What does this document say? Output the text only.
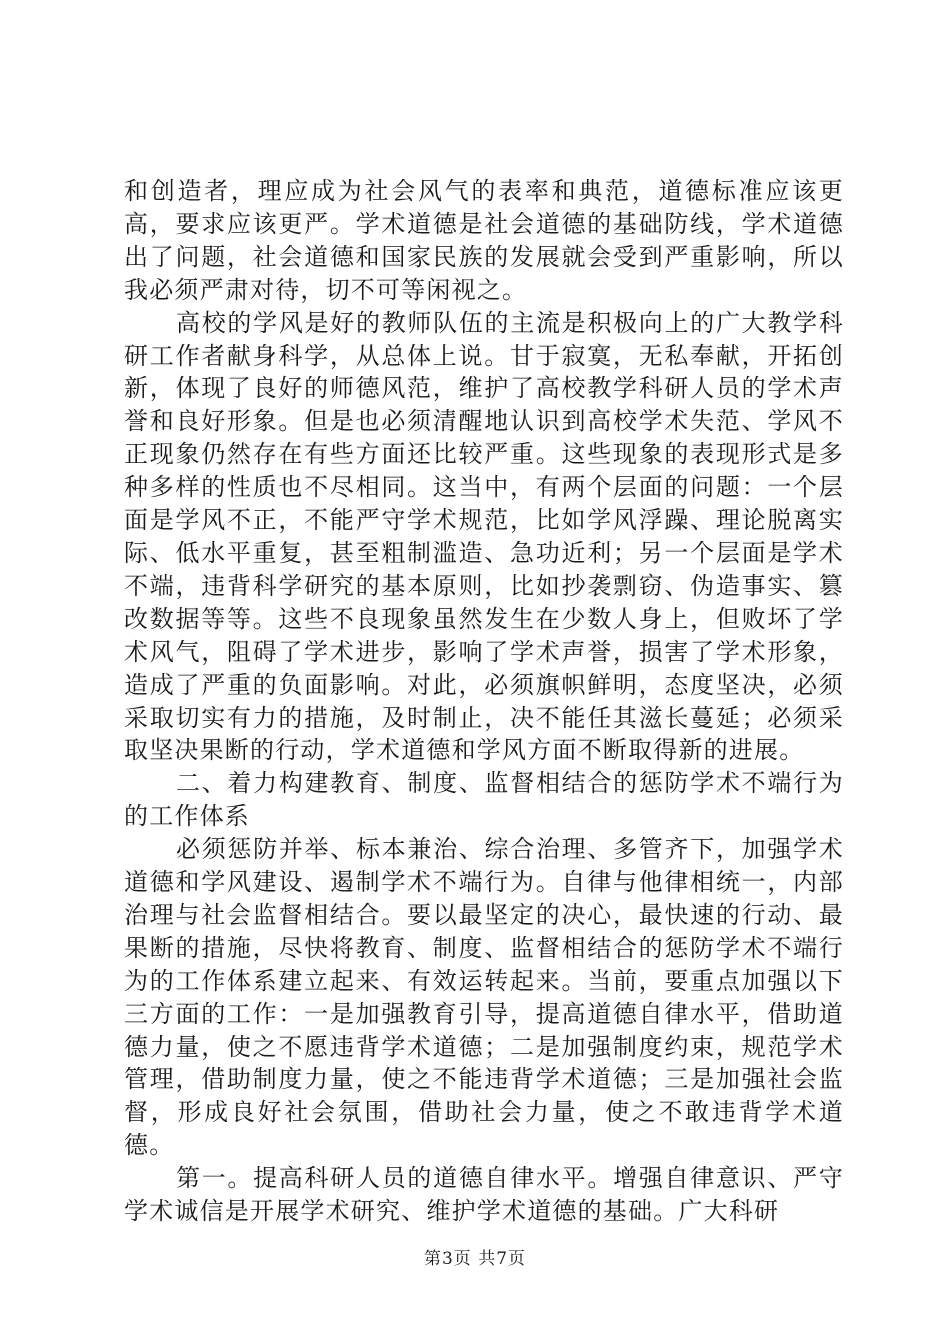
和创造者，理应成为社会风气的表率和典范，道德标准应该更高，要求应该更严。学术道德是社会道德的基础防线，学术道德出了问题，社会道德和国家民族的发展就会受到严重影响，所以我必须严肃对待，切不可等闲视之。

高校的学风是好的教师队伍的主流是积极向上的广大教学科研工作者献身科学，从总体上说。甘于寂寞，无私奉献，开拓创新，体现了良好的师德风范，维护了高校教学科研人员的学术声誉和良好形象。但是也必须清醒地认识到高校学术失范、学风不正现象仍然存在有些方面还比较严重。这些现象的表现形式是多种多样的性质也不尽相同。这当中，有两个层面的问题：一个层面是学风不正，不能严守学术规范，比如学风浮躁、理论脱离实际、低水平重复，甚至粗制滥造、急功近利；另一个层面是学术不端，违背科学研究的基本原则，比如抄袭剽窃、伪造事实、篡改数据等等。这些不良现象虽然发生在少数人身上，但败坏了学术风气，阻碍了学术进步，影响了学术声誉，损害了学术形象，造成了严重的负面影响。对此，必须旗帜鲜明，态度坚决，必须采取切实有力的措施，及时制止，决不能任其滋长蔓延；必须采取坚决果断的行动，学术道德和学风方面不断取得新的进展。

二、着力构建教育、制度、监督相结合的惩防学术不端行为的工作体系

必须惩防并举、标本兼治、综合治理、多管齐下，加强学术道德和学风建设、遏制学术不端行为。自律与他律相统一，内部治理与社会监督相结合。要以最坚定的决心，最快速的行动、最果断的措施，尽快将教育、制度、监督相结合的惩防学术不端行为的工作体系建立起来、有效运转起来。当前，要重点加强以下三方面的工作：一是加强教育引导，提高道德自律水平，借助道德力量，使之不愿违背学术道德；二是加强制度约束，规范学术管理，借助制度力量，使之不能违背学术道德；三是加强社会监督，形成良好社会氛围，借助社会力量，使之不敢违背学术道德。

第一。提高科研人员的道德自律水平。增强自律意识、严守学术诚信是开展学术研究、维护学术道德的基础。广大科研

第3页 共7页
